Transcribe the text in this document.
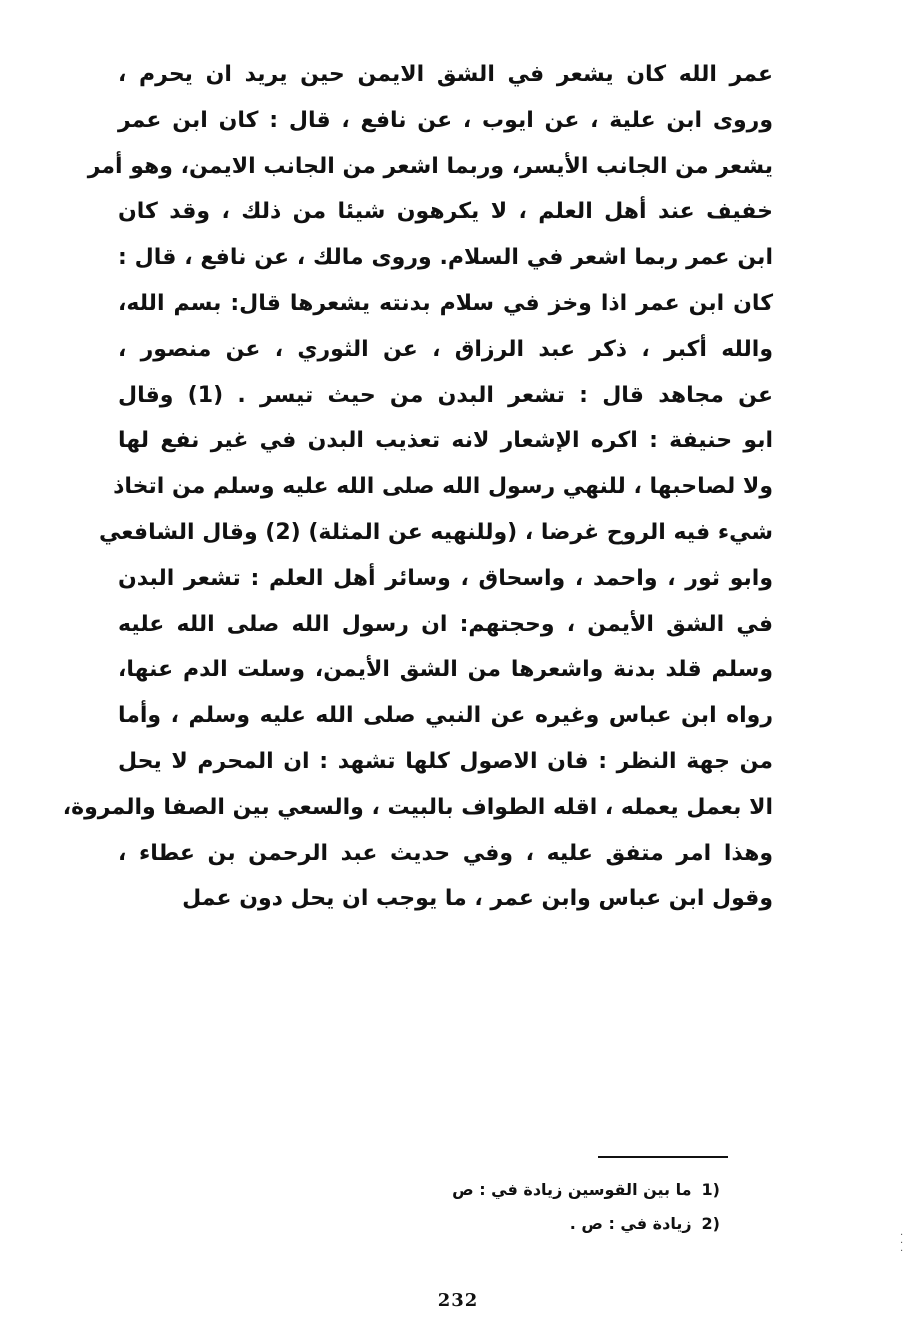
عمر الله كان يشعر في الشق الايمن حين يريد ان يحرم ،
وروى ابن علية ، عن ايوب ، عن نافع ، قال : كان ابن عمر
يشعر من الجانب الأيسر، وربما اشعر من الجانب الايمن، وهو أمر
خفيف عند أهل العلم ، لا يكرهون شيئا من ذلك ، وقد كان
ابن عمر ربما اشعر في السلام. وروى مالك ، عن نافع ، قال :
كان ابن عمر اذا وخز في سلام بدنته يشعرها قال: بسم الله،
والله أكبر ، ذكر عبد الرزاق ، عن الثوري ، عن منصور ،
عن مجاهد قال : تشعر البدن من حيث تيسر . (1) وقال
ابو حنيفة : اكره الإشعار لانه تعذيب البدن في غير نفع لها
ولا لصاحبها ، للنهي رسول الله صلى الله عليه وسلم من اتخاذ
شيء فيه الروح غرضا ، (وللنهيه عن المثلة) (2) وقال الشافعي
وابو ثور ، واحمد ، واسحاق ، وسائر أهل العلم : تشعر البدن
في الشق الأيمن ، وحجتهم: ان رسول الله صلى الله عليه
وسلم قلد بدنة واشعرها من الشق الأيمن، وسلت الدم عنها،
رواه ابن عباس وغيره عن النبي صلى الله عليه وسلم ، وأما
من جهة النظر : فان الاصول كلها تشهد : ان المحرم لا يحل
الا بعمل يعمله ، اقله الطواف بالبيت ، والسعي بين الصفا والمروة،
وهذا امر متفق عليه ، وفي حديث عبد الرحمن بن عطاء ،
وقول ابن عباس وابن عمر ، ما يوجب ان يحل دون عمل
1)
ما بين القوسين زيادة في : ص
2)
زيادة في : ص .
232
·
·
·
